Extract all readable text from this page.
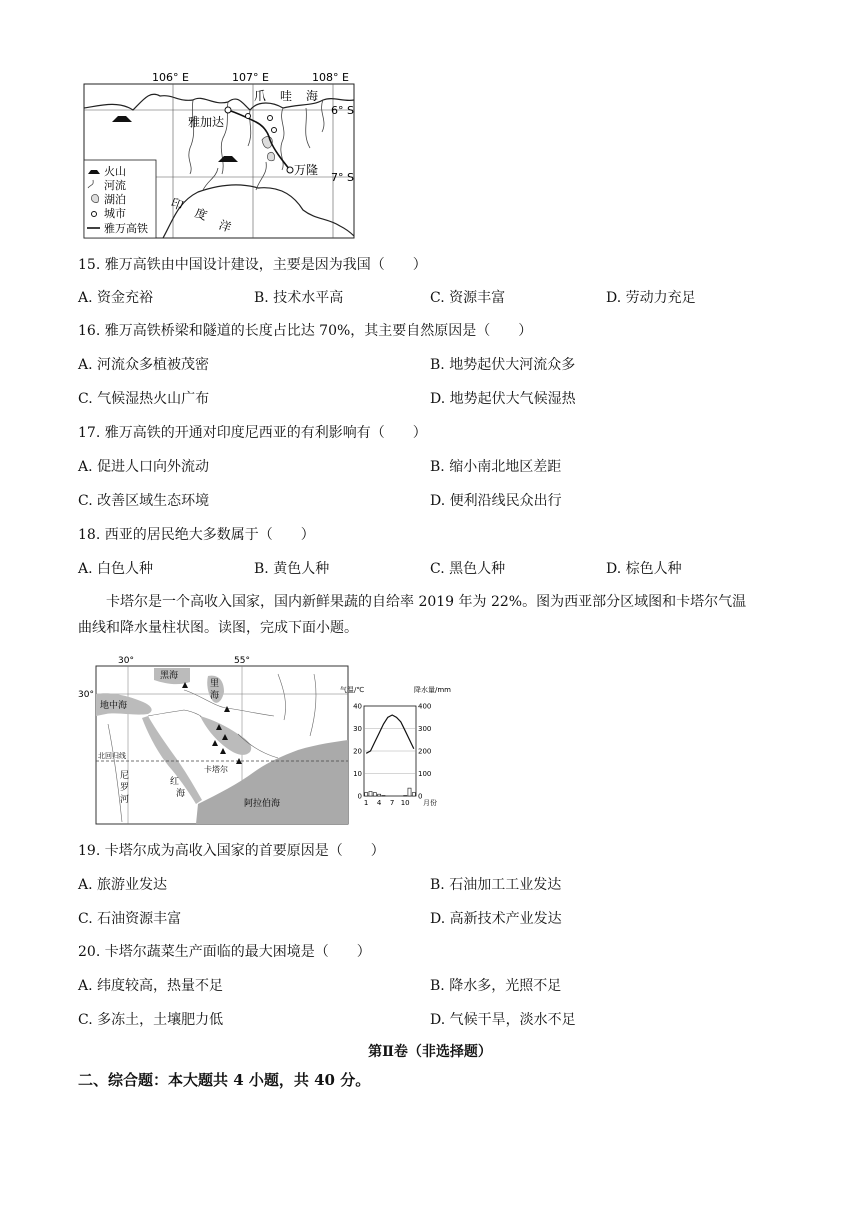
106° E	107° E	108° E
6° S
7° S
雅加达
万隆
爪 哇 海
印
度
洋
火山
河流
湖泊
城市
雅万高铁
15. 雅万高铁由中国设计建设，主要是因为我国（　　）
A. 资金充裕	B. 技术水平高	C. 资源丰富	D. 劳动力充足
16. 雅万高铁桥梁和隧道的长度占比达 70%，其主要自然原因是（　　）
A. 河流众多植被茂密	B. 地势起伏大河流众多
C. 气候湿热火山广布	D. 地势起伏大气候湿热
17. 雅万高铁的开通对印度尼西亚的有利影响有（　　）
A. 促进人口向外流动	B. 缩小南北地区差距
C. 改善区域生态环境	D. 便利沿线民众出行
18. 西亚的居民绝大多数属于（　　）
A. 白色人种	B. 黄色人种	C. 黑色人种	D. 棕色人种
卡塔尔是一个高收入国家，国内新鲜果蔬的自给率 2019 年为 22%。图为西亚部分区域图和卡塔尔气温
曲线和降水量柱状图。读图，完成下面小题。
30°	55°
30°
黑海
里
海
地中海
北回归线
卡塔尔
红
海
尼
罗
河	阿拉伯海
气温/℃	降水量/mm
40
30
20
10
0
400
300
200
100
0
1 4 7 10 月份
19. 卡塔尔成为高收入国家的首要原因是（　　）
A. 旅游业发达	B. 石油加工工业发达
C. 石油资源丰富	D. 高新技术产业发达
20. 卡塔尔蔬菜生产面临的最大困境是（　　）
A. 纬度较高，热量不足	B. 降水多，光照不足
C. 多冻土，土壤肥力低	D. 气候干旱，淡水不足
第Ⅱ卷（非选择题）
二、综合题：本大题共 4 小题，共 40 分。
